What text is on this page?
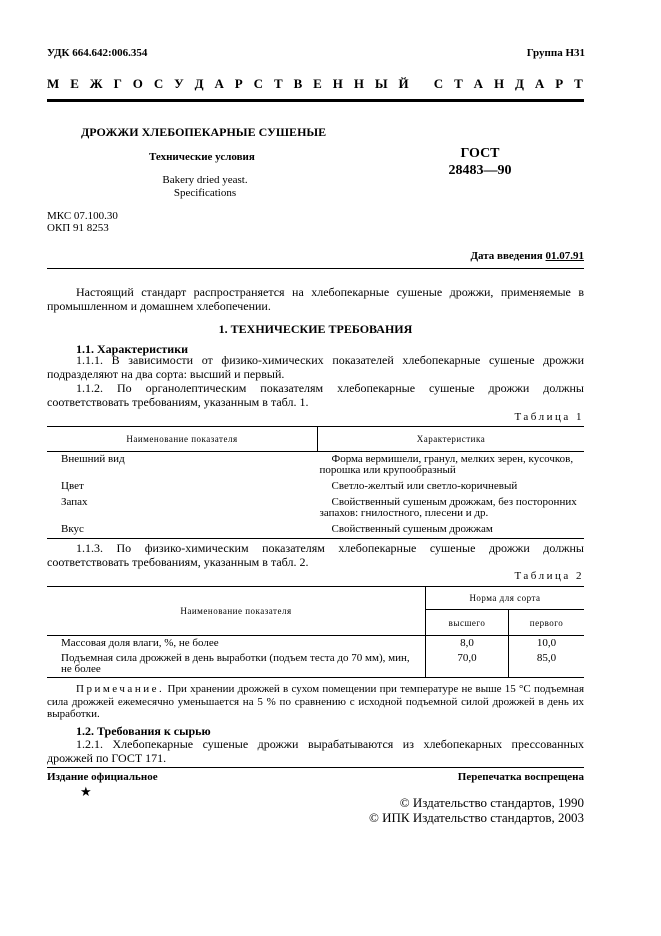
УДК 664.642:006.354	Группа Н31
М Е Ж Г О С У Д А Р С Т В Е Н Н Ы Й
С Т А Н Д А Р Т
ДРОЖЖИ ХЛЕБОПЕКАРНЫЕ СУШЕНЫЕ
Технические условия
Bakery dried yeast.
Specifications
ГОСТ
28483—90
МКС 07.100.30
ОКП 91 8253
Дата введения 01.07.91
Настоящий стандарт распространяется на хлебопекарные сушеные дрожжи, применяемые в промышленном и домашнем хлебопечении.
1. ТЕХНИЧЕСКИЕ ТРЕБОВАНИЯ
1.1. Характеристики
1.1.1. В зависимости от физико-химических показателей хлебопекарные сушеные дрожжи подразделяют на два сорта: высший и первый.
1.1.2. По органолептическим показателям хлебопекарные сушеные дрожжи должны соответствовать требованиям, указанным в табл. 1.
Таблица 1
Наименование показателя	Характеристика
Внешний вид	Форма вермишели, гранул, мелких зерен, кусочков, порошка или крупообразный
Цвет	Светло-желтый или светло-коричневый
Запах	Свойственный сушеным дрожжам, без посторонних запахов: гнилостного, плесени и др.
Вкус	Свойственный сушеным дрожжам
1.1.3. По физико-химическим показателям хлебопекарные сушеные дрожжи должны соответствовать требованиям, указанным в табл. 2.
Таблица 2
Наименование показателя	Норма для сорта	
	высшего	первого
Массовая доля влаги, %, не более	8,0	10,0
Подъемная сила дрожжей в день выработки (подъем теста до 70 мм), мин, не более	70,0	85,0
Примечание. При хранении дрожжей в сухом помещении при температуре не выше 15 °С подъемная сила дрожжей ежемесячно уменьшается на 5 % по сравнению с исходной подъемной силой дрожжей в день их выработки.
1.2. Требования к сырью
1.2.1. Хлебопекарные сушеные дрожжи вырабатываются из хлебопекарных прессованных дрожжей по ГОСТ 171.
Издание официальное	Перепечатка воспрещена
★
© Издательство стандартов, 1990
© ИПК Издательство стандартов, 2003
